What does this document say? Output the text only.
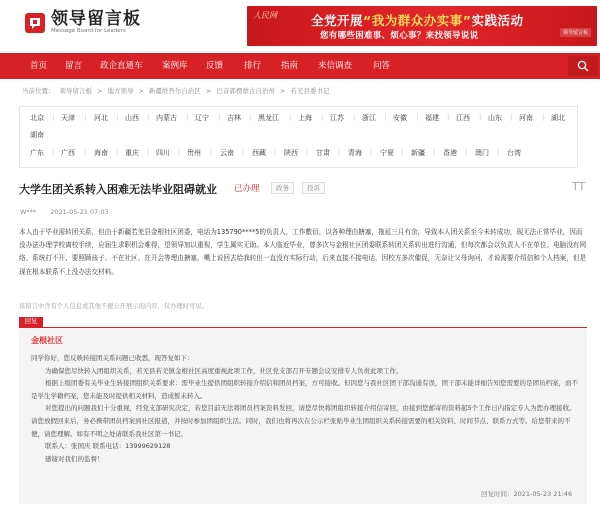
领导留言板
Message Board for Leaders
人民网	全党开展“我为群众办实事”实践活动
您有哪些困难事、烦心事？来找领导说说	领导留言板
首页 留言 政企直通车 案例库 反馈 排行 指南 来信调查 问答
当前位置： 领导留言板 > 地方领导 > 新疆维吾尔自治区 > 巴音郭楞蒙古自治州 > 若羌县委书记
北京 天津	河北 山西 内蒙古	辽宁	吉林 黑龙江	上海	江苏	浙江 安徽	福建 江西	山东 河南	湖北
湖南
|	|	|	|	|	|	|	|	|	|	|	|	|	|	|	|
广东 广西	海南 重庆 四川 贵州	云南	西藏	陕西	甘肃	青海	宁夏 新疆	香港	澳门	台湾
|	|	|	|	|	|	|	|	|	|	|	|	|	|	|
大学生团关系转入困难无法毕业阻碍就业 已办理	政务	投诉	TT
W*** 2021-05-21 07:03
本人由于毕业需转团关系，但由于新疆若羌县金根社区团委，电话为135790****5的负责人，工作敷衍，以各种理由搪塞，拖延三月有余，导致本人团关系至今未转成功，现无法正常毕业，因而没办法办理学校离校手续，应届生求职机会难得，望领导加以重视，学生属实无助。本人临近毕业，曾多次与金根社区团委联系转团关系转出进行沟通，但每次都会以负责人不在单位、电脑没有网络、系统打不开、要照顾孩子、不在社区、在开会等理由搪塞，嘴上说回去给我转但一直没有实际行动，后来直接不接电话，因校方多次催促，无奈让父母询问，才说需要介绍信和个人档案，但是现在根本联系不上没办法交材料。
该留言中含有个人信息或其他不便公开展示的内容，仅办理时可见。
回复
金根社区

同学你好，您反映转接团关系问题已收悉，现答复如下：

为确保您尽快转入团组织关系，若羌县若羌镇金根社区高度重视此项工作，社区党支部召开专题会议安排专人负责此项工作。

根据上级团委有关毕业生转接团组织关系要求：需毕业生提供团组织转接介绍信和团员档案，方可接收。但因您与我社区团干部沟通有误，团干部未能详细告知您需要的是团员档案，而不是学生学籍档案，您未能及时提供相关材料，造成暂未转入。

对您提出的问题我们十分重视，经党支部研究决定，若您目前无法将团员档案资料发回，请您尽快将团组织转接介绍信寄回，由接到您邮寄的资料起5个工作日内指定专人为您办理接收。请您放假回来后，务必携带团员档案到社区报道，并按时参加团组织生活。同时，我们也将再次在公示栏张贴毕业生团组织关系转接需要的相关资料、时间节点、联系方式等。给您带来的不便，请您理解。如有不明之处请联系我社区第一书记。

联系人：张国庆 联系电话：13999629128

感谢对我们的监督！

回复时间：2021-05-23 21:46
